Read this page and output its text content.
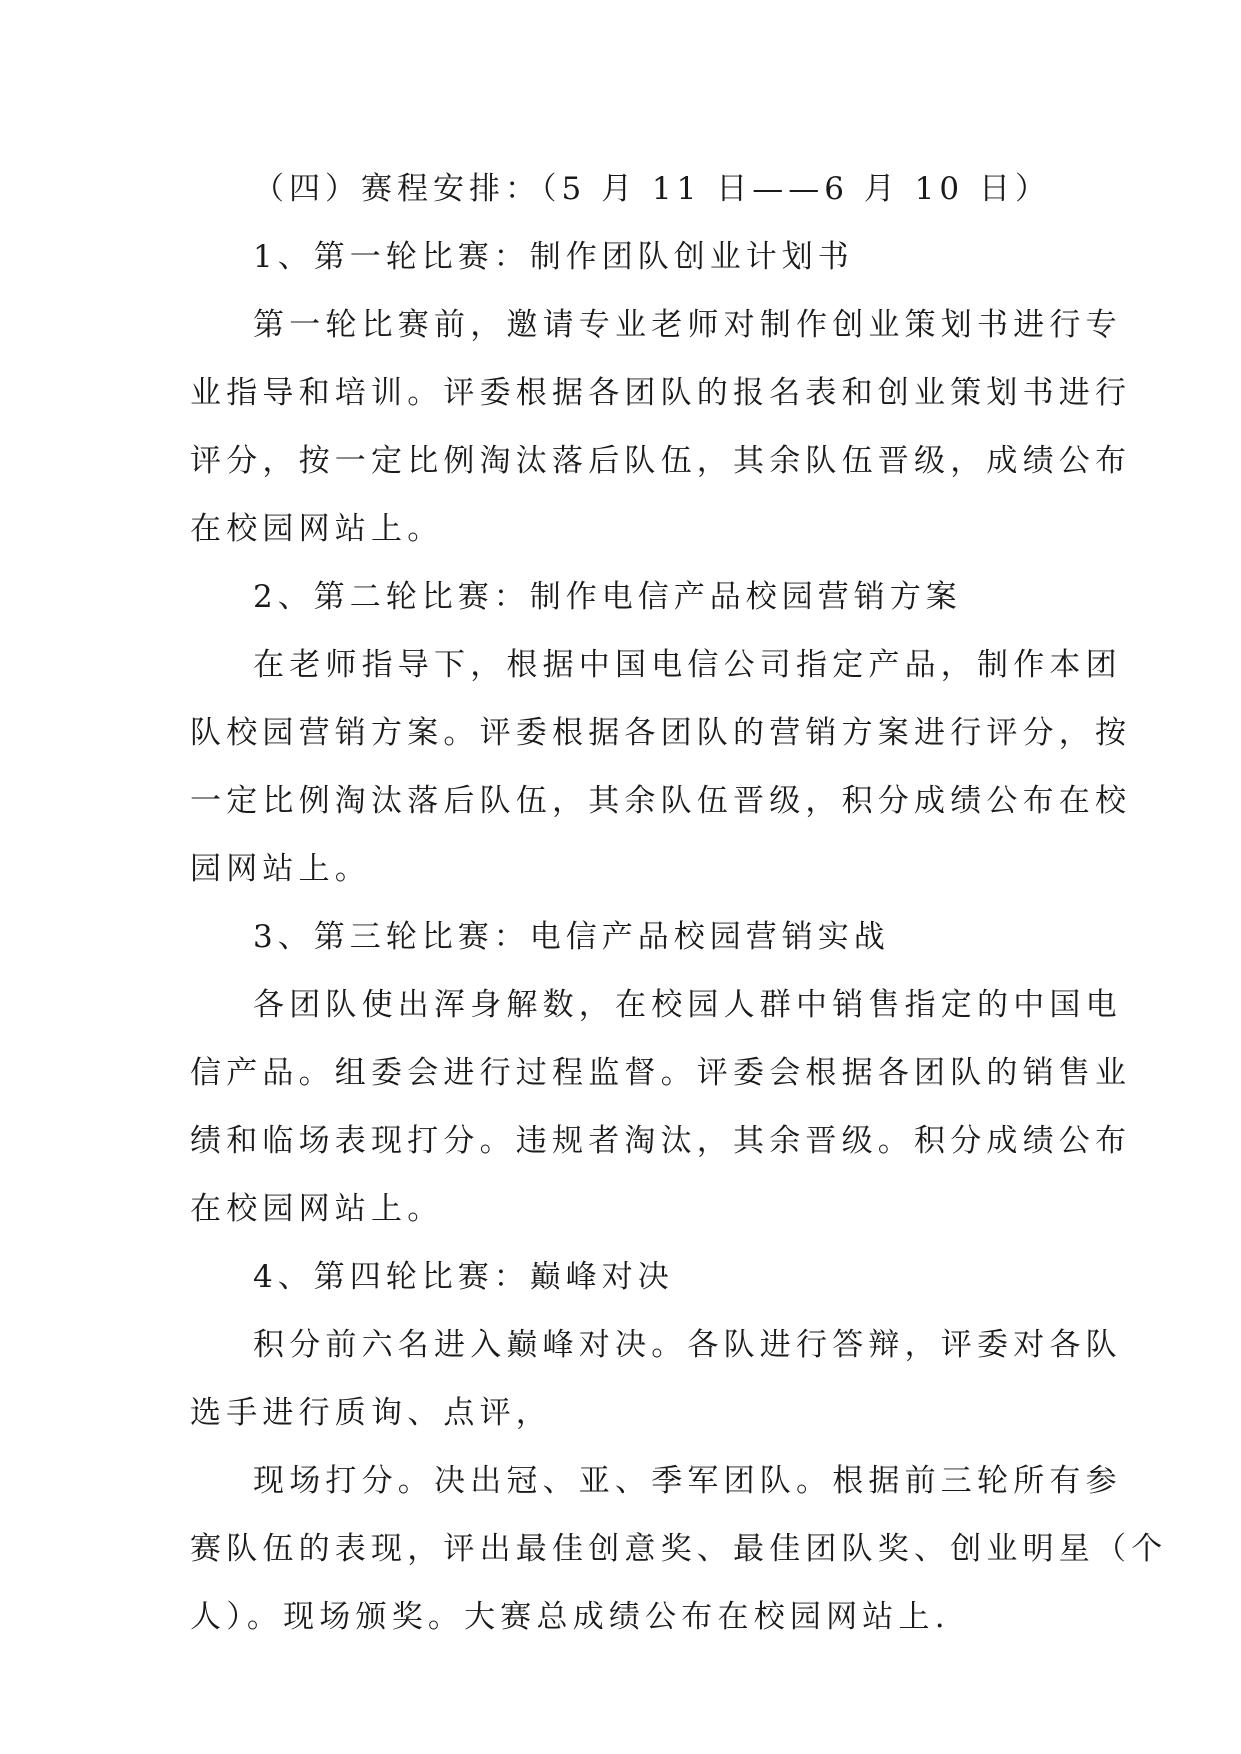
（四）赛程安排：（5 月 11 日——6 月 10 日）
1、第一轮比赛：制作团队创业计划书
第一轮比赛前，邀请专业老师对制作创业策划书进行专
业指导和培训。评委根据各团队的报名表和创业策划书进行
评分，按一定比例淘汰落后队伍，其余队伍晋级，成绩公布
在校园网站上。
2、第二轮比赛：制作电信产品校园营销方案
在老师指导下，根据中国电信公司指定产品，制作本团
队校园营销方案。评委根据各团队的营销方案进行评分，按
一定比例淘汰落后队伍，其余队伍晋级，积分成绩公布在校
园网站上。
3、第三轮比赛：电信产品校园营销实战
各团队使出浑身解数，在校园人群中销售指定的中国电
信产品。组委会进行过程监督。评委会根据各团队的销售业
绩和临场表现打分。违规者淘汰，其余晋级。积分成绩公布
在校园网站上。
4、第四轮比赛：巅峰对决
积分前六名进入巅峰对决。各队进行答辩，评委对各队
选手进行质询、点评，
现场打分。决出冠、亚、季军团队。根据前三轮所有参
赛队伍的表现，评出最佳创意奖、最佳团队奖、创业明星（个
人）。现场颁奖。大赛总成绩公布在校园网站上.
